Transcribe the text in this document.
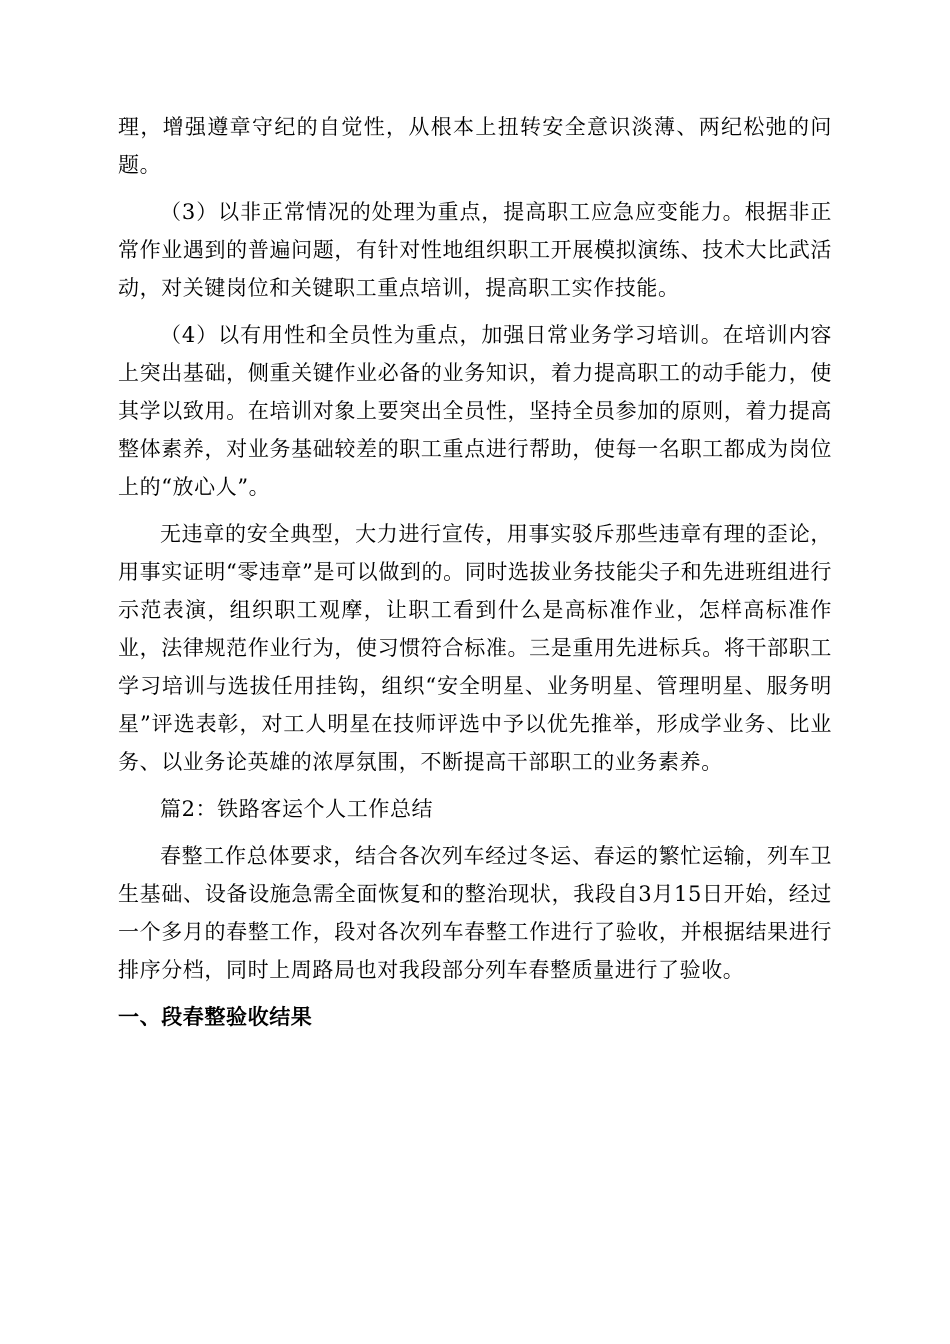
理，增强遵章守纪的自觉性，从根本上扭转安全意识淡薄、两纪松弛的问题。

（3）以非正常情况的处理为重点，提高职工应急应变能力。根据非正常作业遇到的普遍问题，有针对性地组织职工开展模拟演练、技术大比武活动，对关键岗位和关键职工重点培训，提高职工实作技能。

（4）以有用性和全员性为重点，加强日常业务学习培训。在培训内容上突出基础，侧重关键作业必备的业务知识，着力提高职工的动手能力，使其学以致用。在培训对象上要突出全员性，坚持全员参加的原则，着力提高整体素养，对业务基础较差的职工重点进行帮助，使每一名职工都成为岗位上的“放心人”。

无违章的安全典型，大力进行宣传，用事实驳斥那些违章有理的歪论，用事实证明“零违章”是可以做到的。同时选拔业务技能尖子和先进班组进行示范表演，组织职工观摩，让职工看到什么是高标准作业，怎样高标准作业，法律规范作业行为，使习惯符合标准。三是重用先进标兵。将干部职工学习培训与选拔任用挂钩，组织“安全明星、业务明星、管理明星、服务明星”评选表彰，对工人明星在技师评选中予以优先推举，形成学业务、比业务、以业务论英雄的浓厚氛围，不断提高干部职工的业务素养。

篇2：铁路客运个人工作总结

春整工作总体要求，结合各次列车经过冬运、春运的繁忙运输，列车卫生基础、设备设施急需全面恢复和的整治现状，我段自3月15日开始，经过一个多月的春整工作，段对各次列车春整工作进行了验收，并根据结果进行排序分档，同时上周路局也对我段部分列车春整质量进行了验收。

一、段春整验收结果
